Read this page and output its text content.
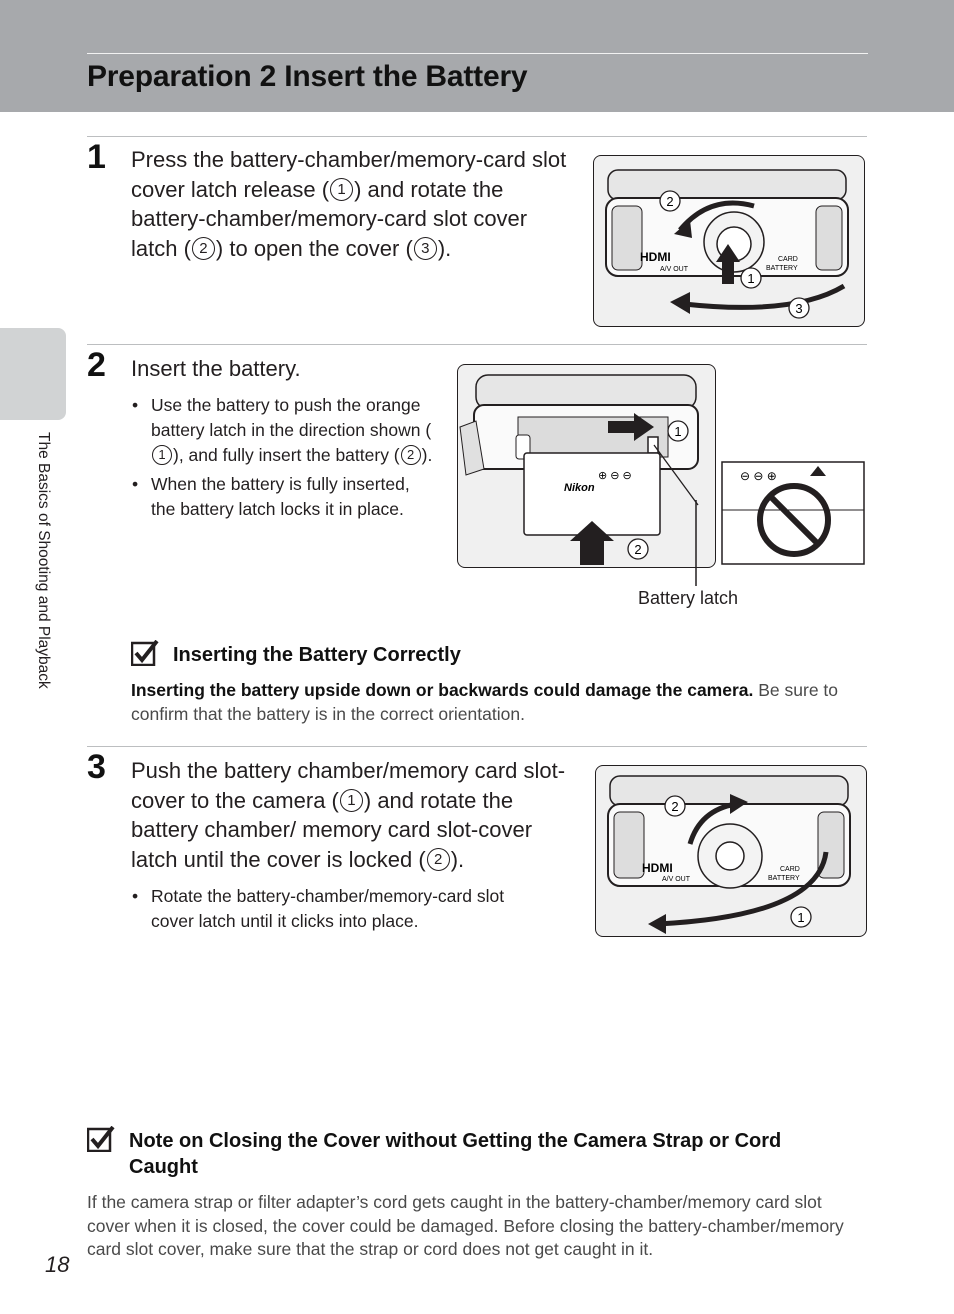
Preparation 2 Insert the Battery
The Basics of Shooting and Playback
1 Press the battery-chamber/memory-card slot cover latch release ( 1 ) and rotate the battery-chamber/memory-card slot cover latch ( 2 ) to open the cover ( 3 ).	HDMI
A/V OUT
CARD
BATTERY
2
1
3
2 Insert the battery.
• Use the battery to push the orange battery latch in the direction shown (1 ), and fully insert the battery ( 2 ).
• When the battery is fully inserted, the battery latch locks it in place.
Nikon
⊕ ⊖ ⊖
1
2
⊖ ⊖ ⊕
Battery latch
Inserting the Battery Correctly
Inserting the battery upside down or backwards could damage the camera. Be sure to confirm that the battery is in the correct orientation.
3 Push the battery chamber/memory card slot-cover to the camera ( 1 ) and rotate the battery chamber/ memory card slot-cover latch until the cover is locked ( 2 ).
• Rotate the battery-chamber/memory-card slot cover latch until it clicks into place.
HDMI
A/V OUT
CARD
BATTERY
2
1
Note on Closing the Cover without Getting the Camera Strap or Cord Caught
If the camera strap or filter adapter’s cord gets caught in the battery-chamber/memory card slot cover when it is closed, the cover could be damaged. Before closing the battery-chamber/memory card slot cover, make sure that the strap or cord does not get caught in it.
18
